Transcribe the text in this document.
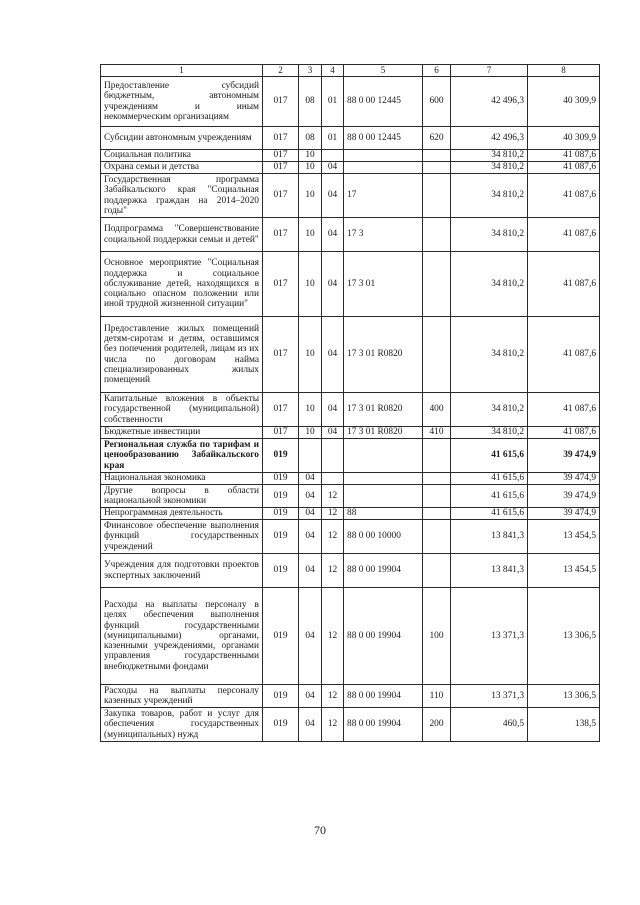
1	2	3	4	5	6	7	8
Предоставление субсидий бюджетным, автономным учреждениям и иным некоммерческим организациям	017	08	01	88 0 00 12445	600	42 496,3	40 309,9
Субсидии автономным учреждениям	017	08	01	88 0 00 12445	620	42 496,3	40 309,9
Социальная политика	017	10				34 810,2	41 087,6
Охрана семьи и детства	017	10	04			34 810,2	41 087,6
Государственная программа Забайкальского края "Социальная поддержка граждан на 2014–2020 годы"	017	10	04	17		34 810,2	41 087,6
Подпрограмма "Совершенствование социальной поддержки семьи и детей"	017	10	04	17 3		34 810,2	41 087,6
Основное мероприятие "Социальная поддержка и социальное обслуживание детей, находящихся в социально опасном положении или иной трудной жизненной ситуации"	017	10	04	17 3 01		34 810,2	41 087,6
Предоставление жилых помещений детям-сиротам и детям, оставшимся без попечения родителей, лицам из их числа по договорам найма специализированных жилых помещений	017	10	04	17 3 01 R0820		34 810,2	41 087,6
Капитальные вложения в объекты государственной (муниципальной) собственности	017	10	04	17 3 01 R0820	400	34 810,2	41 087,6
Бюджетные инвестиции	017	10	04	17 3 01 R0820	410	34 810,2	41 087,6
Региональная служба по тарифам и ценообразованию Забайкальского края	019					41 615,6	39 474,9
Национальная экономика	019	04				41 615,6	39 474,9
Другие вопросы в области национальной экономики	019	04	12			41 615,6	39 474,9
Непрограммная деятельность	019	04	12	88		41 615,6	39 474,9
Финансовое обеспечение выполнения функций государственных учреждений	019	04	12	88 0 00 10000		13 841,3	13 454,5
Учреждения для подготовки проектов экспертных заключений	019	04	12	88 0 00 19904		13 841,3	13 454,5
Расходы на выплаты персоналу в целях обеспечения выполнения функций государственными (муниципальными) органами, казенными учреждениями, органами управления государственными внебюджетными фондами	019	04	12	88 0 00 19904	100	13 371,3	13 306,5
Расходы на выплаты персоналу казенных учреждений	019	04	12	88 0 00 19904	110	13 371,3	13 306,5
Закупка товаров, работ и услуг для обеспечения государственных (муниципальных) нужд	019	04	12	88 0 00 19904	200	460,5	138,5
70
